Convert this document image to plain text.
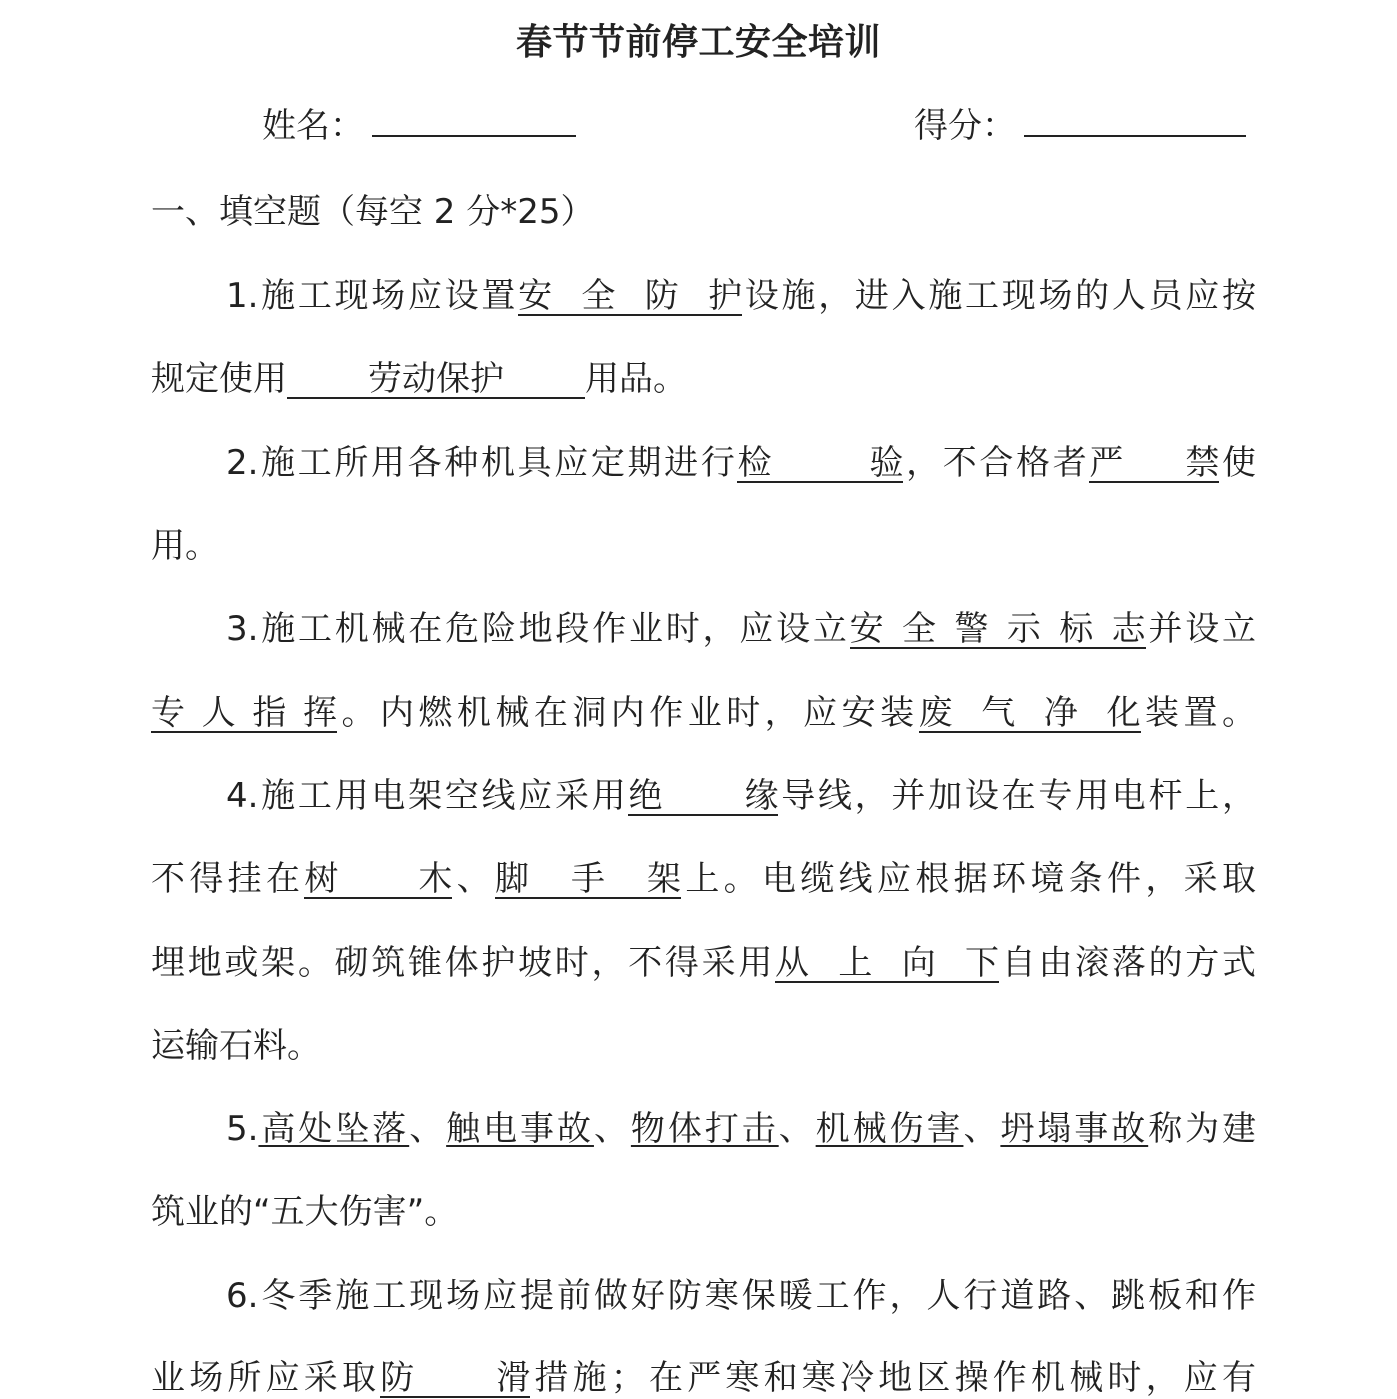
春节节前停工安全培训
姓名：	得分：
一、填空题（每空 2 分*25）
1.施工现场应设置安全防护设施，进入施工现场的人员应按
规定使用 劳动保护 用品。
2.施工所用各种机具应定期进行检验，不合格者严禁使
用。
3.施工机械在危险地段作业时，应设立安全警示标志并设立
专人指挥。内燃机械在洞内作业时，应安装废气净化装置。
4.施工用电架空线应采用绝缘导线，并加设在专用电杆上，
不得挂在树木、脚手架上。电缆线应根据环境条件，采取
埋地或架。砌筑锥体护坡时，不得采用从上向下自由滚落的方式
运输石料。
5.高处坠落、触电事故、物体打击、机械伤害、坍塌事故称为建
筑业的“五大伤害”。
6.冬季施工现场应提前做好防寒保暖工作，人行道路、跳板和作
业场所应采取防滑措施；在严寒和寒冷地区操作机械时，应有
